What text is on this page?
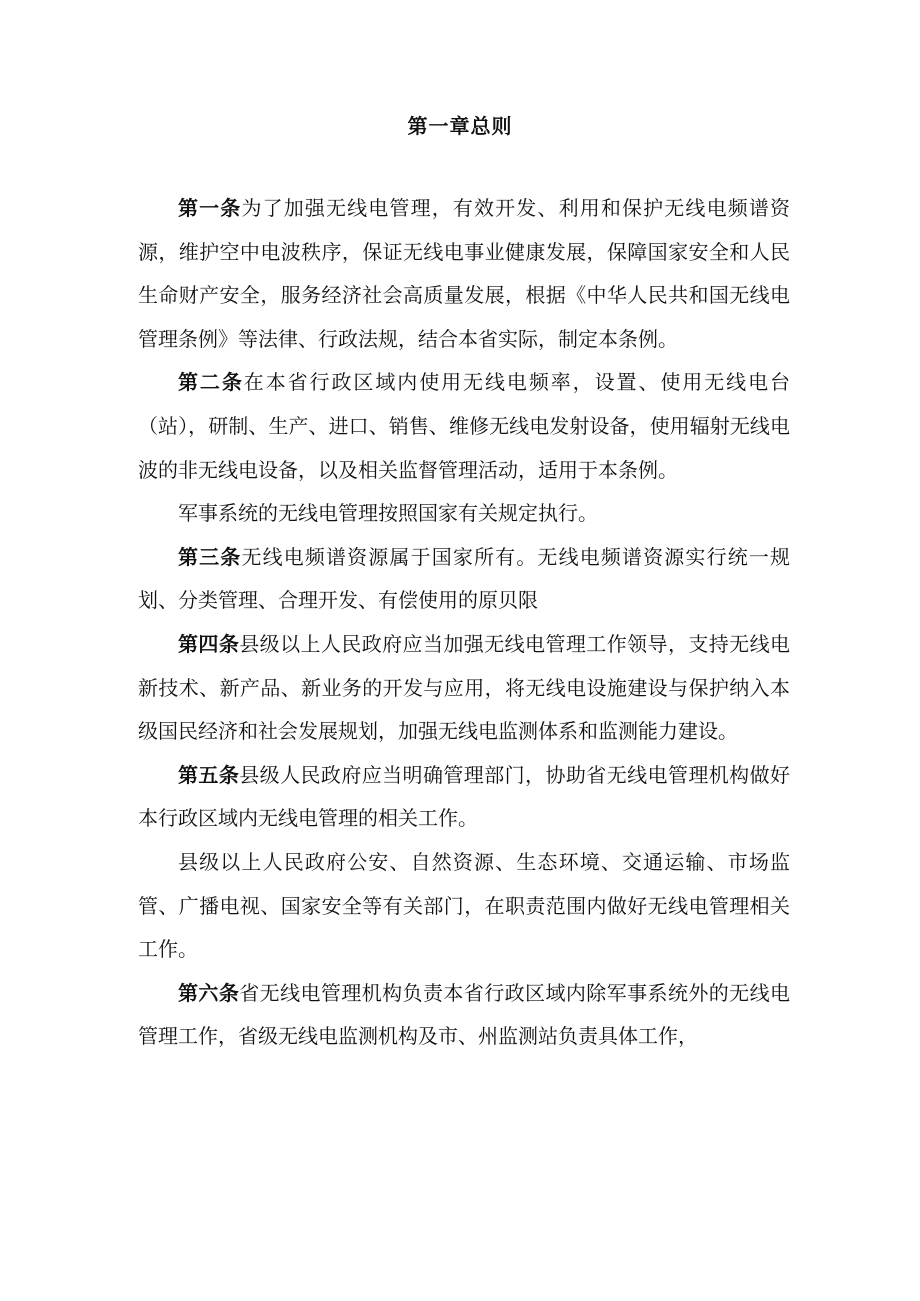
第一章总则

第一条为了加强无线电管理，有效开发、利用和保护无线电频谱资源，维护空中电波秩序，保证无线电事业健康发展，保障国家安全和人民生命财产安全，服务经济社会高质量发展，根据《中华人民共和国无线电管理条例》等法律、行政法规，结合本省实际，制定本条例。

第二条在本省行政区域内使用无线电频率，设置、使用无线电台（站），研制、生产、进口、销售、维修无线电发射设备，使用辐射无线电波的非无线电设备，以及相关监督管理活动，适用于本条例。

军事系统的无线电管理按照国家有关规定执行。

第三条无线电频谱资源属于国家所有。无线电频谱资源实行统一规划、分类管理、合理开发、有偿使用的原贝限

第四条县级以上人民政府应当加强无线电管理工作领导，支持无线电新技术、新产品、新业务的开发与应用，将无线电设施建设与保护纳入本级国民经济和社会发展规划，加强无线电监测体系和监测能力建设。

第五条县级人民政府应当明确管理部门，协助省无线电管理机构做好本行政区域内无线电管理的相关工作。

县级以上人民政府公安、自然资源、生态环境、交通运输、市场监管、广播电视、国家安全等有关部门，在职责范围内做好无线电管理相关工作。

第六条省无线电管理机构负责本省行政区域内除军事系统外的无线电管理工作，省级无线电监测机构及市、州监测站负责具体工作，
